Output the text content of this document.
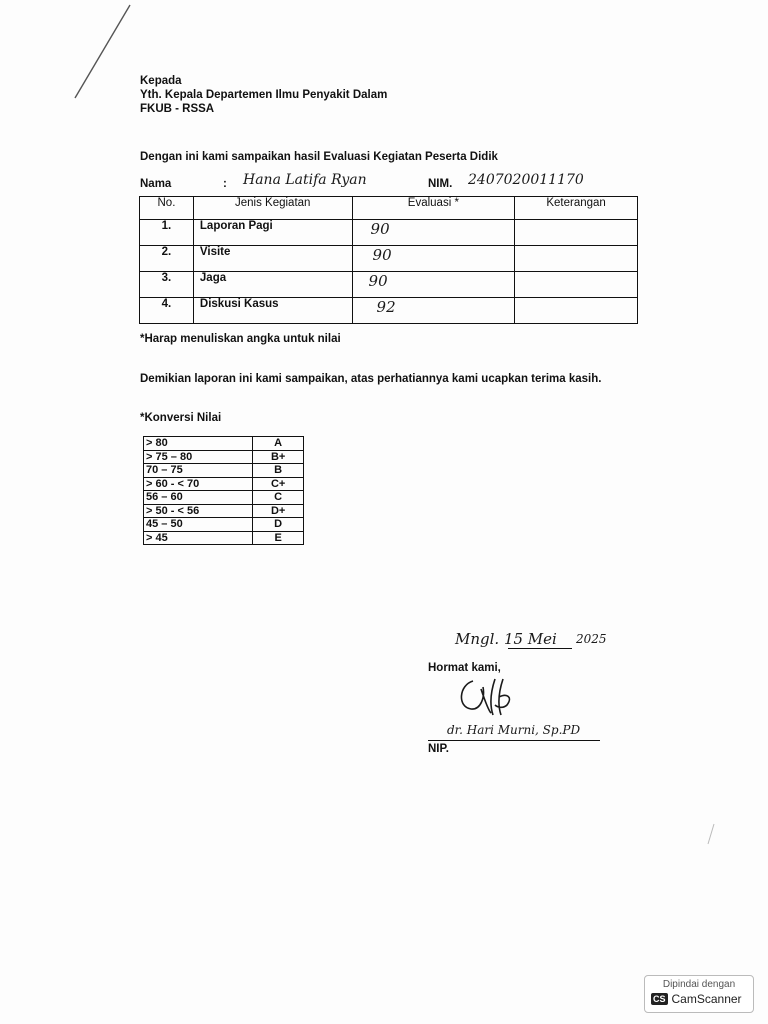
Kepada
Yth. Kepala Departemen Ilmu Penyakit Dalam
FKUB - RSSA
Dengan ini kami sampaikan hasil Evaluasi Kegiatan Peserta Didik
Nama	: Hana Latifa Ryan	NIM. 2407020011170
No.	Jenis Kegiatan	Evaluasi *	Keterangan
1.	Laporan Pagi	90	
2.	Visite	90	
3.	Jaga	90	
4.	Diskusi Kasus	92	
*Harap menuliskan angka untuk nilai
Demikian laporan ini kami sampaikan, atas perhatiannya kami ucapkan terima kasih.
*Konversi Nilai
> 80	A
> 75 – 80	B+
70 – 75	B
> 60 - < 70	C+
56 – 60	C
> 50 - < 56	D+
45 – 50	D
> 45	E
Mngl. 15 Mei 2025
Hormat kami,
dr. Hari Murni, Sp.PD
NIP.
Dipindai dengan
CS CamScanner
